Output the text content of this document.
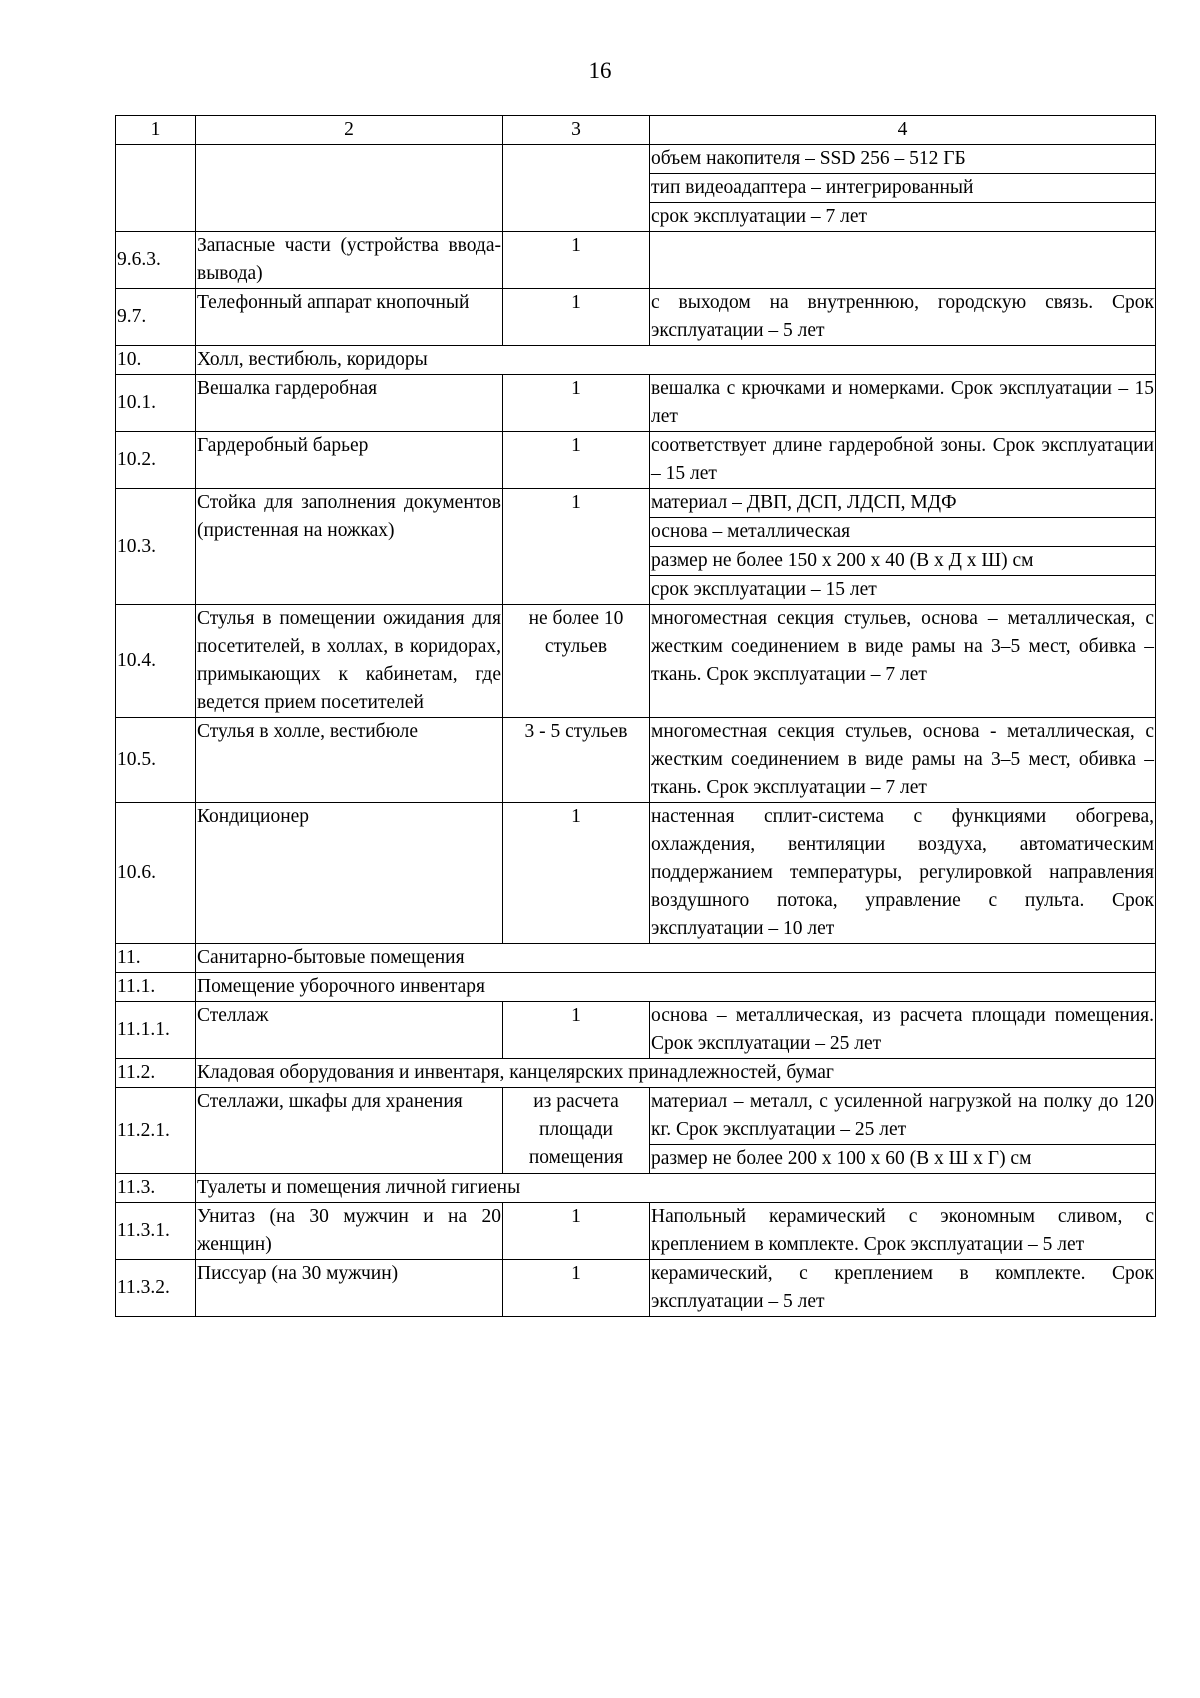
16
1	2	3	4

			объем накопителя – SSD 256 – 512 ГБ
тип видеоадаптера – интегрированный
срок эксплуатации – 7 лет

9.6.3.	Запасные части (устройства ввода-вывода)	1	

9.7.	Телефонный аппарат кнопочный	1	с выходом на внутреннюю, городскую связь. Срок эксплуатации – 5 лет

10.	Холл, вестибюль, коридоры		
10.1.	Вешалка гардеробная	1	вешалка с крючками и номерками. Срок эксплуатации – 15 лет

10.2.	Гардеробный барьер	1	соответствует длине гардеробной зоны. Срок эксплуатации – 15 лет

10.3.	Стойка для заполнения документов (пристенная на ножках)	1	материал – ДВП, ДСП, ЛДСП, МДФ
основа – металлическая
размер не более 150 х 200 х 40 (В х Д х Ш) см
срок эксплуатации – 15 лет

10.4.	Стулья в помещении ожидания для посетителей, в холлах, в коридорах, примыкающих к кабинетам, где ведется прием посетителей	не более 10 стульев	многоместная секция стульев, основа – металлическая, с жестким соединением в виде рамы на 3–5 мест, обивка – ткань. Срок эксплуатации – 7 лет

10.5.	Стулья в холле, вестибюле	3 - 5 стульев	многоместная секция стульев, основа - металлическая, с жестким соединением в виде рамы на 3–5 мест, обивка – ткань. Срок эксплуатации – 7 лет

10.6.	Кондиционер	1	настенная сплит-система с функциями обогрева, охлаждения, вентиляции воздуха, автоматическим поддержанием температуры, регулировкой направления воздушного потока, управление с пульта. Срок эксплуатации – 10 лет

11.	Санитарно-бытовые помещения		
11.1.	Помещение уборочного инвентаря		
11.1.1.	Стеллаж	1	основа – металлическая, из расчета площади помещения. Срок эксплуатации – 25 лет

11.2.	Кладовая оборудования и инвентаря, канцелярских принадлежностей, бумаг		
11.2.1.	Стеллажи, шкафы для хранения	из расчета площади помещения	материал – металл, с усиленной нагрузкой на полку до 120 кг. Срок эксплуатации – 25 лет
размер не более 200 х 100 х 60 (В х Ш х Г) см

11.3.	Туалеты и помещения личной гигиены		
11.3.1.	Унитаз (на 30 мужчин и на 20 женщин)	1	Напольный керамический с экономным сливом, с креплением в комплекте. Срок эксплуатации – 5 лет

11.3.2.	Писсуар (на 30 мужчин)	1	керамический, с креплением в комплекте. Срок эксплуатации – 5 лет
